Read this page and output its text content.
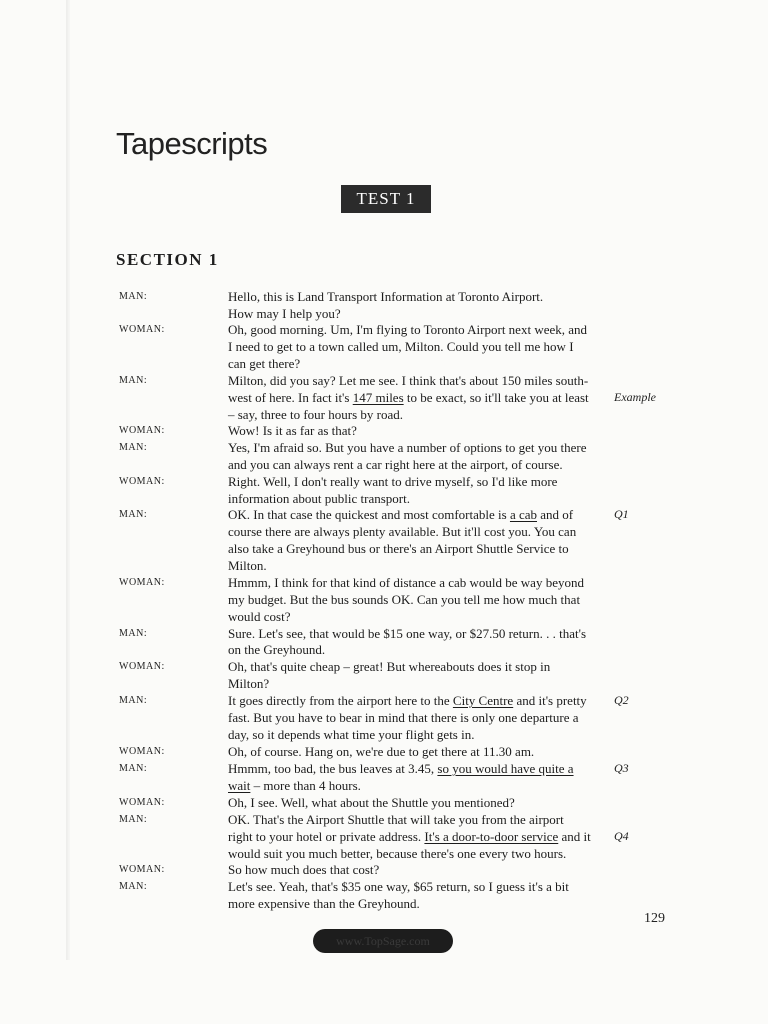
Tapescripts
TEST 1
SECTION 1
Hello, this is Land Transport Information at Toronto Airport.
How may I help you?
Oh, good morning. Um, I'm flying to Toronto Airport next week, and
I need to get to a town called um, Milton. Could you tell me how I
can get there?
Milton, did you say? Let me see. I think that's about 150 miles south-
west of here. In fact it's 147 miles to be exact, so it'll take you at least
– say, three to four hours by road.
Wow! Is it as far as that?
Yes, I'm afraid so. But you have a number of options to get you there
and you can always rent a car right here at the airport, of course.
Right. Well, I don't really want to drive myself, so I'd like more
information about public transport.
OK. In that case the quickest and most comfortable is a cab and of
course there are always plenty available. But it'll cost you. You can
also take a Greyhound bus or there's an Airport Shuttle Service to
Milton.
Hmmm, I think for that kind of distance a cab would be way beyond
my budget. But the bus sounds OK. Can you tell me how much that
would cost?
Sure. Let's see, that would be $15 one way, or $27.50 return. . . that's
on the Greyhound.
Oh, that's quite cheap – great! But whereabouts does it stop in
Milton?
It goes directly from the airport here to the City Centre and it's pretty
fast. But you have to bear in mind that there is only one departure a
day, so it depends what time your flight gets in.
Oh, of course. Hang on, we're due to get there at 11.30 am.
Hmmm, too bad, the bus leaves at 3.45, so you would have quite a
wait – more than 4 hours.
Oh, I see. Well, what about the Shuttle you mentioned?
OK. That's the Airport Shuttle that will take you from the airport
right to your hotel or private address. It's a door-to-door service and it
would suit you much better, because there's one every two hours.
So how much does that cost?
Let's see. Yeah, that's $35 one way, $65 return, so I guess it's a bit
more expensive than the Greyhound.
MAN:
WOMAN:
MAN:
WOMAN:
MAN:
WOMAN:
MAN:
WOMAN:
MAN:
WOMAN:
MAN:
WOMAN:
MAN:
WOMAN:
MAN:
WOMAN:
MAN:
Example
Q1
Q2
Q3
Q4
129
www.TopSage.com
